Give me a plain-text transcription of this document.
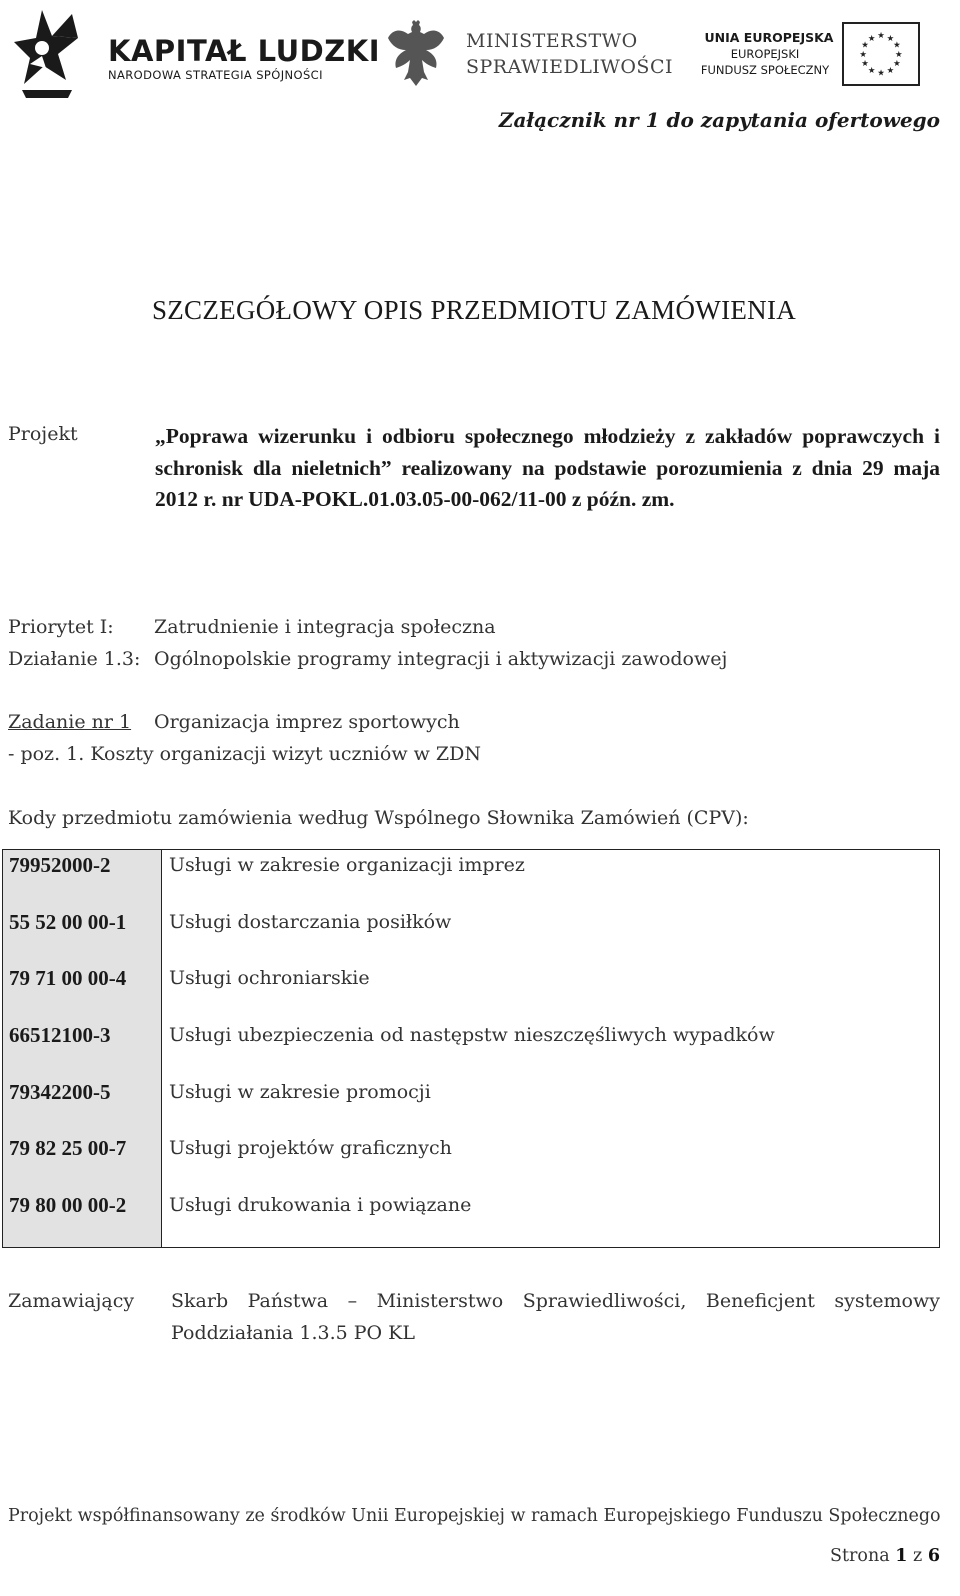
KAPITAŁ LUDZKI
NARODOWA STRATEGIA SPÓJNOŚCI
MINISTERSTWO
SPRAWIEDLIWOŚCI
UNIA EUROPEJSKA
EUROPEJSKI
FUNDUSZ SPOŁECZNY
★ ★
★
★
★
★
★
★
★
★
★
★
Załącznik nr 1 do zapytania ofertowego
SZCZEGÓŁOWY OPIS PRZEDMIOTU ZAMÓWIENIA
Projekt	„Poprawa wizerunku i odbioru społecznego młodzieży z zakładów poprawczych i schronisk dla nieletnich” realizowany na podstawie porozumienia z dnia 29 maja 2012 r. nr UDA-POKL.01.03.05-00-062/11-00 z późn. zm.
Priorytet I: Zatrudnienie i integracja społeczna
Działanie 1.3: Ogólnopolskie programy integracji i aktywizacji zawodowej
Zadanie nr 1 Organizacja imprez sportowych
- poz. 1. Koszty organizacji wizyt uczniów w ZDN
Kody przedmiotu zamówienia według Wspólnego Słownika Zamówień (CPV):
79952000-2	Usługi w zakresie organizacji imprez
55 52 00 00-1 Usługi dostarczania posiłków
79 71 00 00-4 Usługi ochroniarskie
66512100-3	Usługi ubezpieczenia od następstw nieszczęśliwych wypadków
79342200-5	Usługi w zakresie promocji
79 82 25 00-7 Usługi projektów graficznych
79 80 00 00-2 Usługi drukowania i powiązane
Zamawiający Skarb Państwa – Ministerstwo Sprawiedliwości, Beneficjent systemowy Poddziałania 1.3.5 PO KL
Projekt współfinansowany ze środków Unii Europejskiej w ramach Europejskiego Funduszu Społecznego
Strona 1 z 6
